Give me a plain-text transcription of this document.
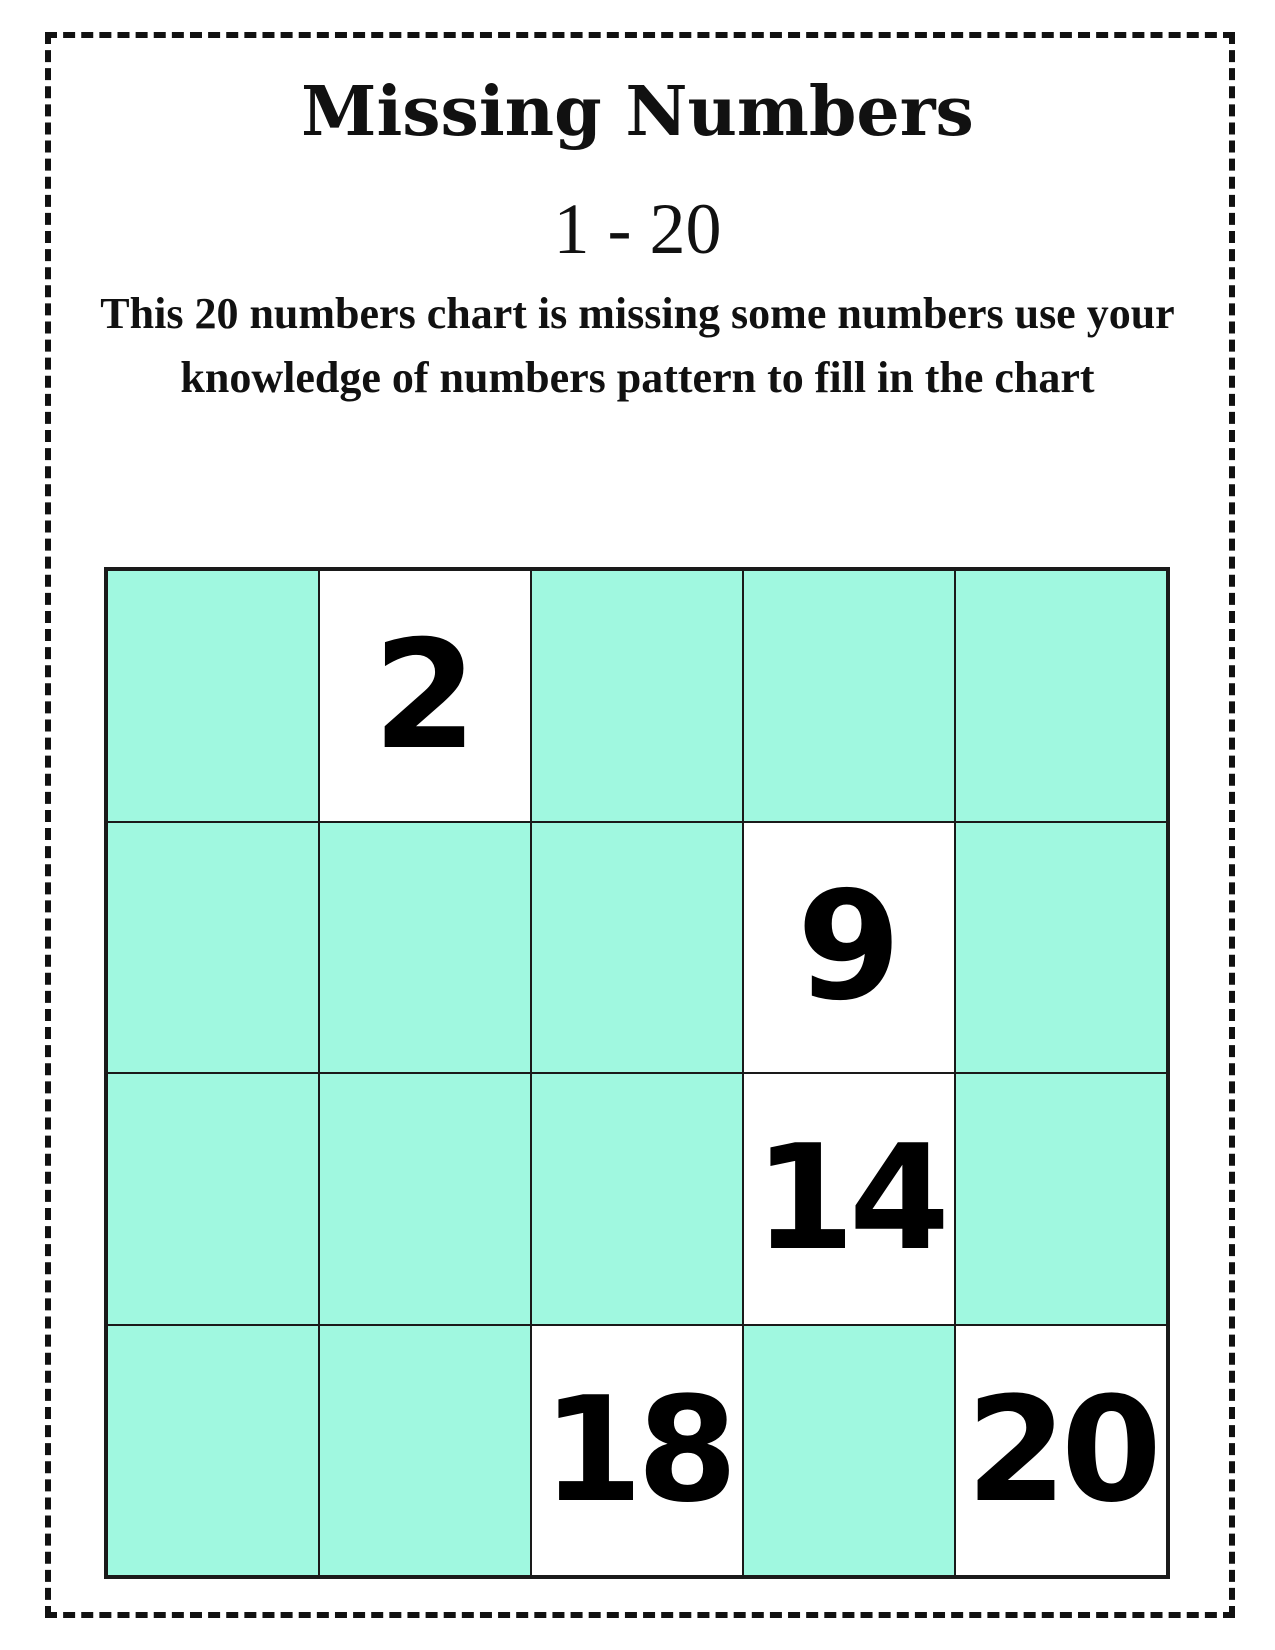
Missing Numbers
1 - 20
This 20 numbers chart is missing some numbers use your knowledge of numbers pattern to fill in the chart
2
9
14
18 20
